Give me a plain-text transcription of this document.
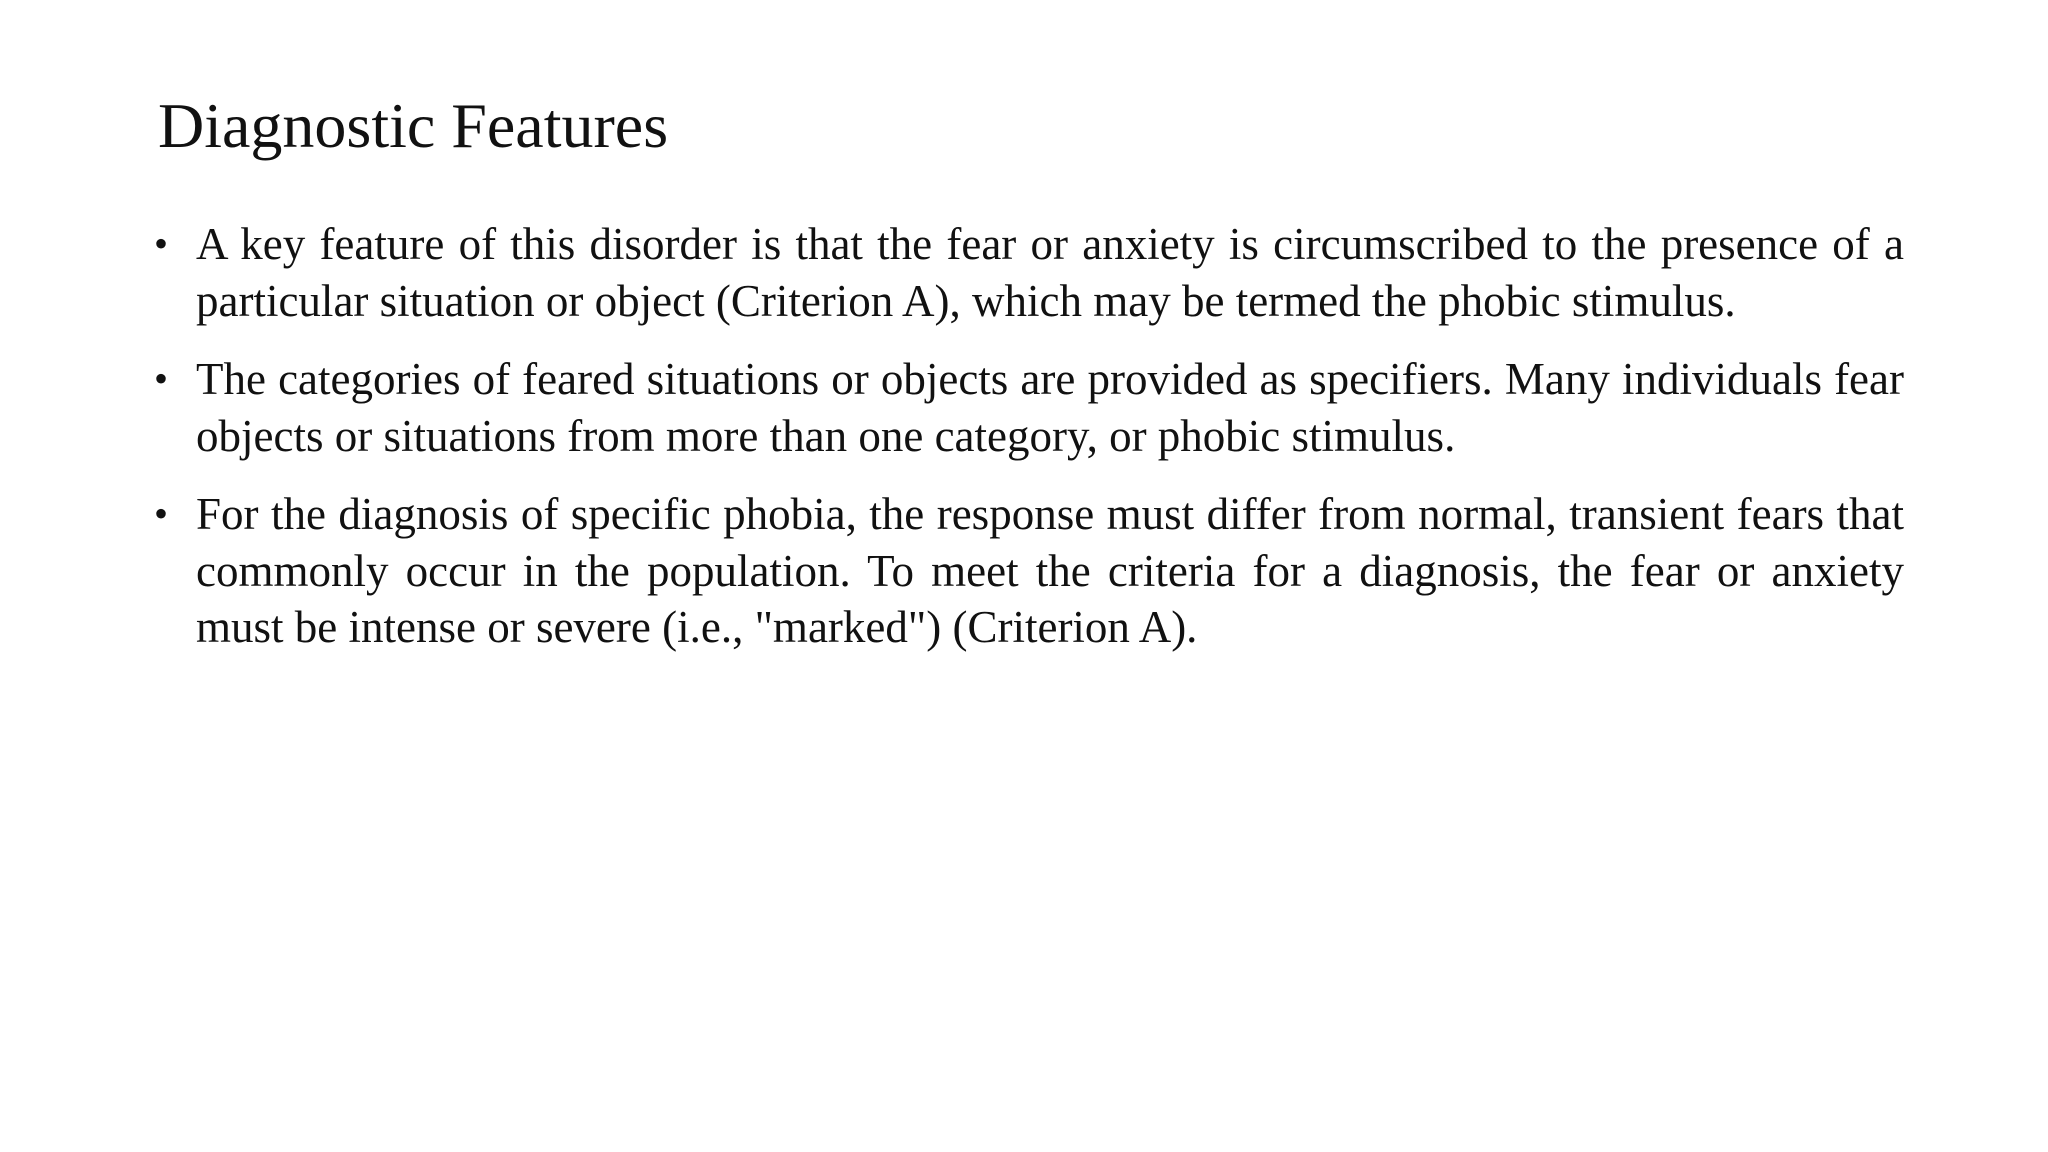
Diagnostic Features

• A key feature of this disorder is that the fear or anxiety is circumscribed to the presence of a particular situation or object (Criterion A), which may be termed the phobic stimulus.

• The categories of feared situations or objects are provided as specifiers. Many individuals fear objects or situations from more than one category, or phobic stimulus.

• For the diagnosis of specific phobia, the response must differ from normal, transient fears that commonly occur in the population. To meet the criteria for a diagnosis, the fear or anxiety must be intense or severe (i.e., "marked") (Criterion A).
